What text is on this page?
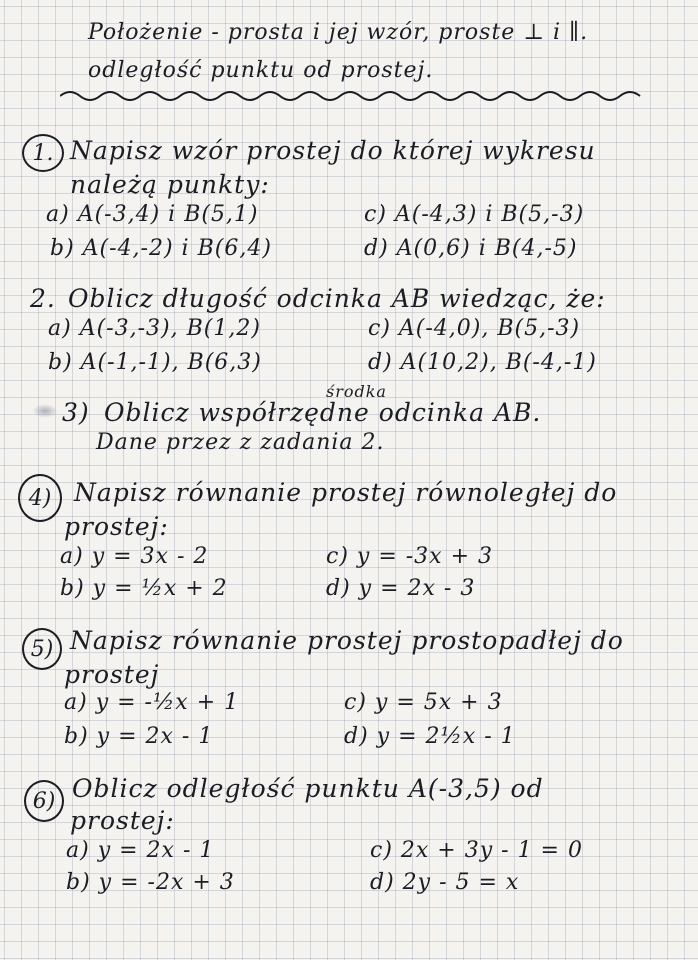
Położenie - prosta i jej wzór, proste ⊥ i ∥.
odległość punktu od prostej.
1. Napisz wzór prostej do której wykresu
należą punkty:
a) A(-3,4) i B(5,1)
b) A(-4,-2) i B(6,4)
c) A(-4,3) i B(5,-3)
d) A(0,6) i B(4,-5)
2. Oblicz długość odcinka AB wiedząc, że:
a) A(-3,-3), B(1,2)
b) A(-1,-1), B(6,3)
c) A(-4,0), B(5,-3)
d) A(10,2), B(-4,-1)
środka
3) Oblicz współrzędne odcinka AB.
Dane przez z zadania 2.
4) Napisz równanie prostej równoległej do
prostej:
a) y = 3x - 2
b) y = ½x + 2
c) y = -3x + 3
d) y = 2x - 3
5) Napisz równanie prostej prostopadłej do
prostej
a) y = -½x + 1
b) y = 2x - 1
c) y = 5x + 3
d) y = 2½x - 1
6) Oblicz odległość punktu A(-3,5) od
prostej:
a) y = 2x - 1
b) y = -2x + 3
c) 2x + 3y - 1 = 0
d) 2y - 5 = x
